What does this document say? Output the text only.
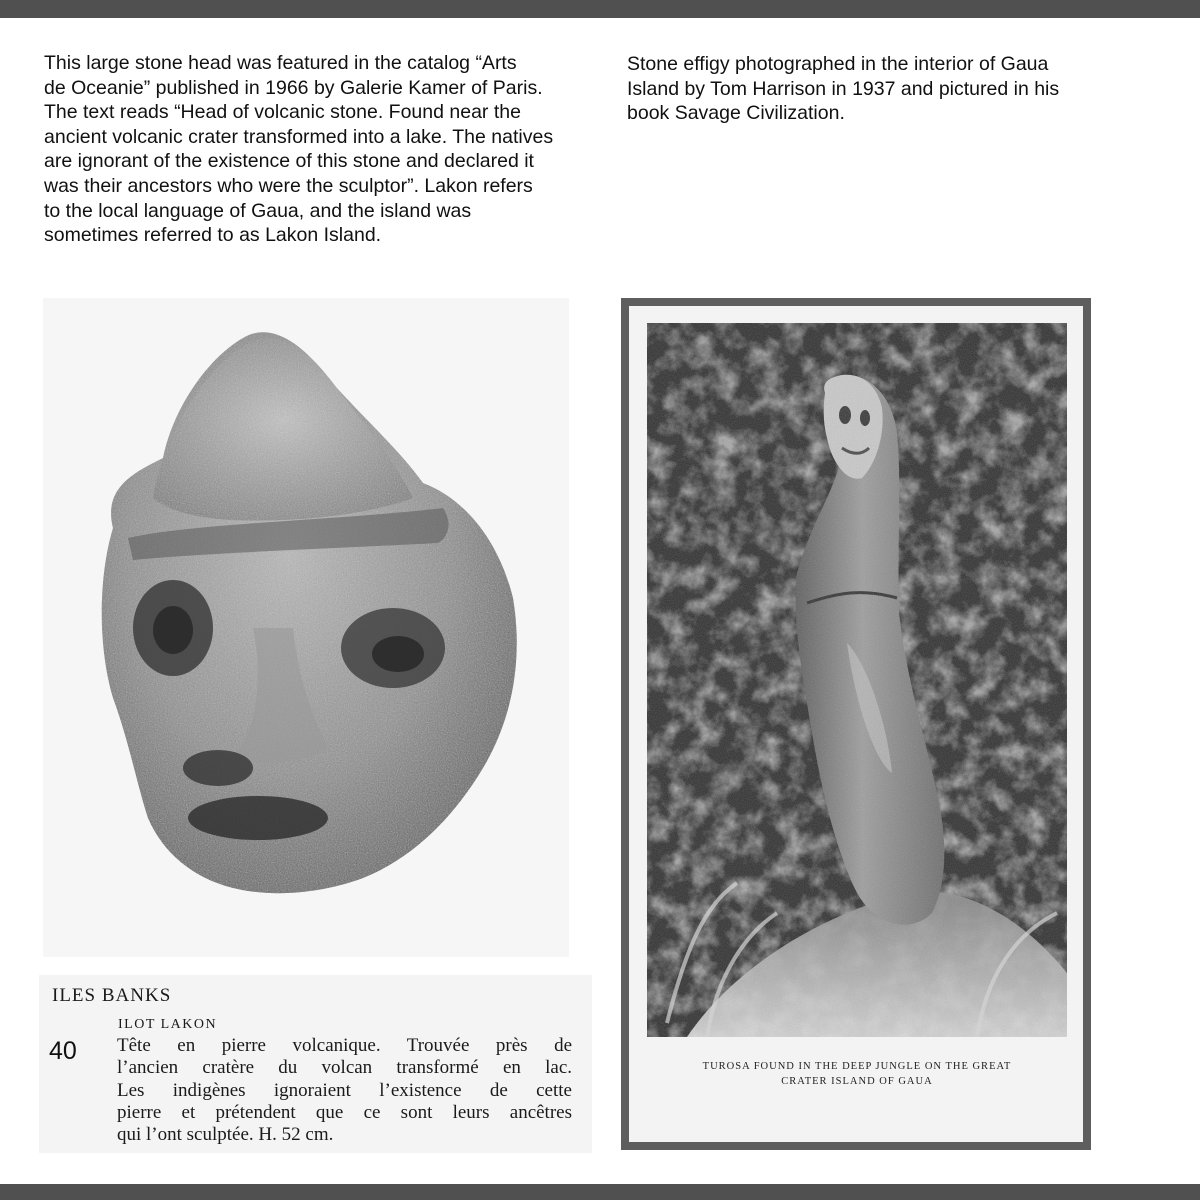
This large stone head was featured in the catalog “Arts
de Oceanie” published in 1966 by Galerie Kamer of Paris.
The text reads “Head of volcanic stone. Found near the
ancient volcanic crater transformed into a lake. The natives
are ignorant of the existence of this stone and declared it
was their ancestors who were the sculptor”. Lakon refers
to the local language of Gaua, and the island was
sometimes referred to as Lakon Island.
Stone effigy photographed in the interior of Gaua
Island by Tom Harrison in 1937 and pictured in his
book Savage Civilization.
ILES BANKS
ILOT LAKON
40 Tête en pierre volcanique. Trouvée près de
l’ancien cratère du volcan transformé en lac.
Les indigènes ignoraient l’existence de cette
pierre et prétendent que ce sont leurs ancêtres
qui l’ont sculptée. H. 52 cm.
TUROSA FOUND IN THE DEEP JUNGLE ON THE GREAT
CRATER ISLAND OF GAUA
